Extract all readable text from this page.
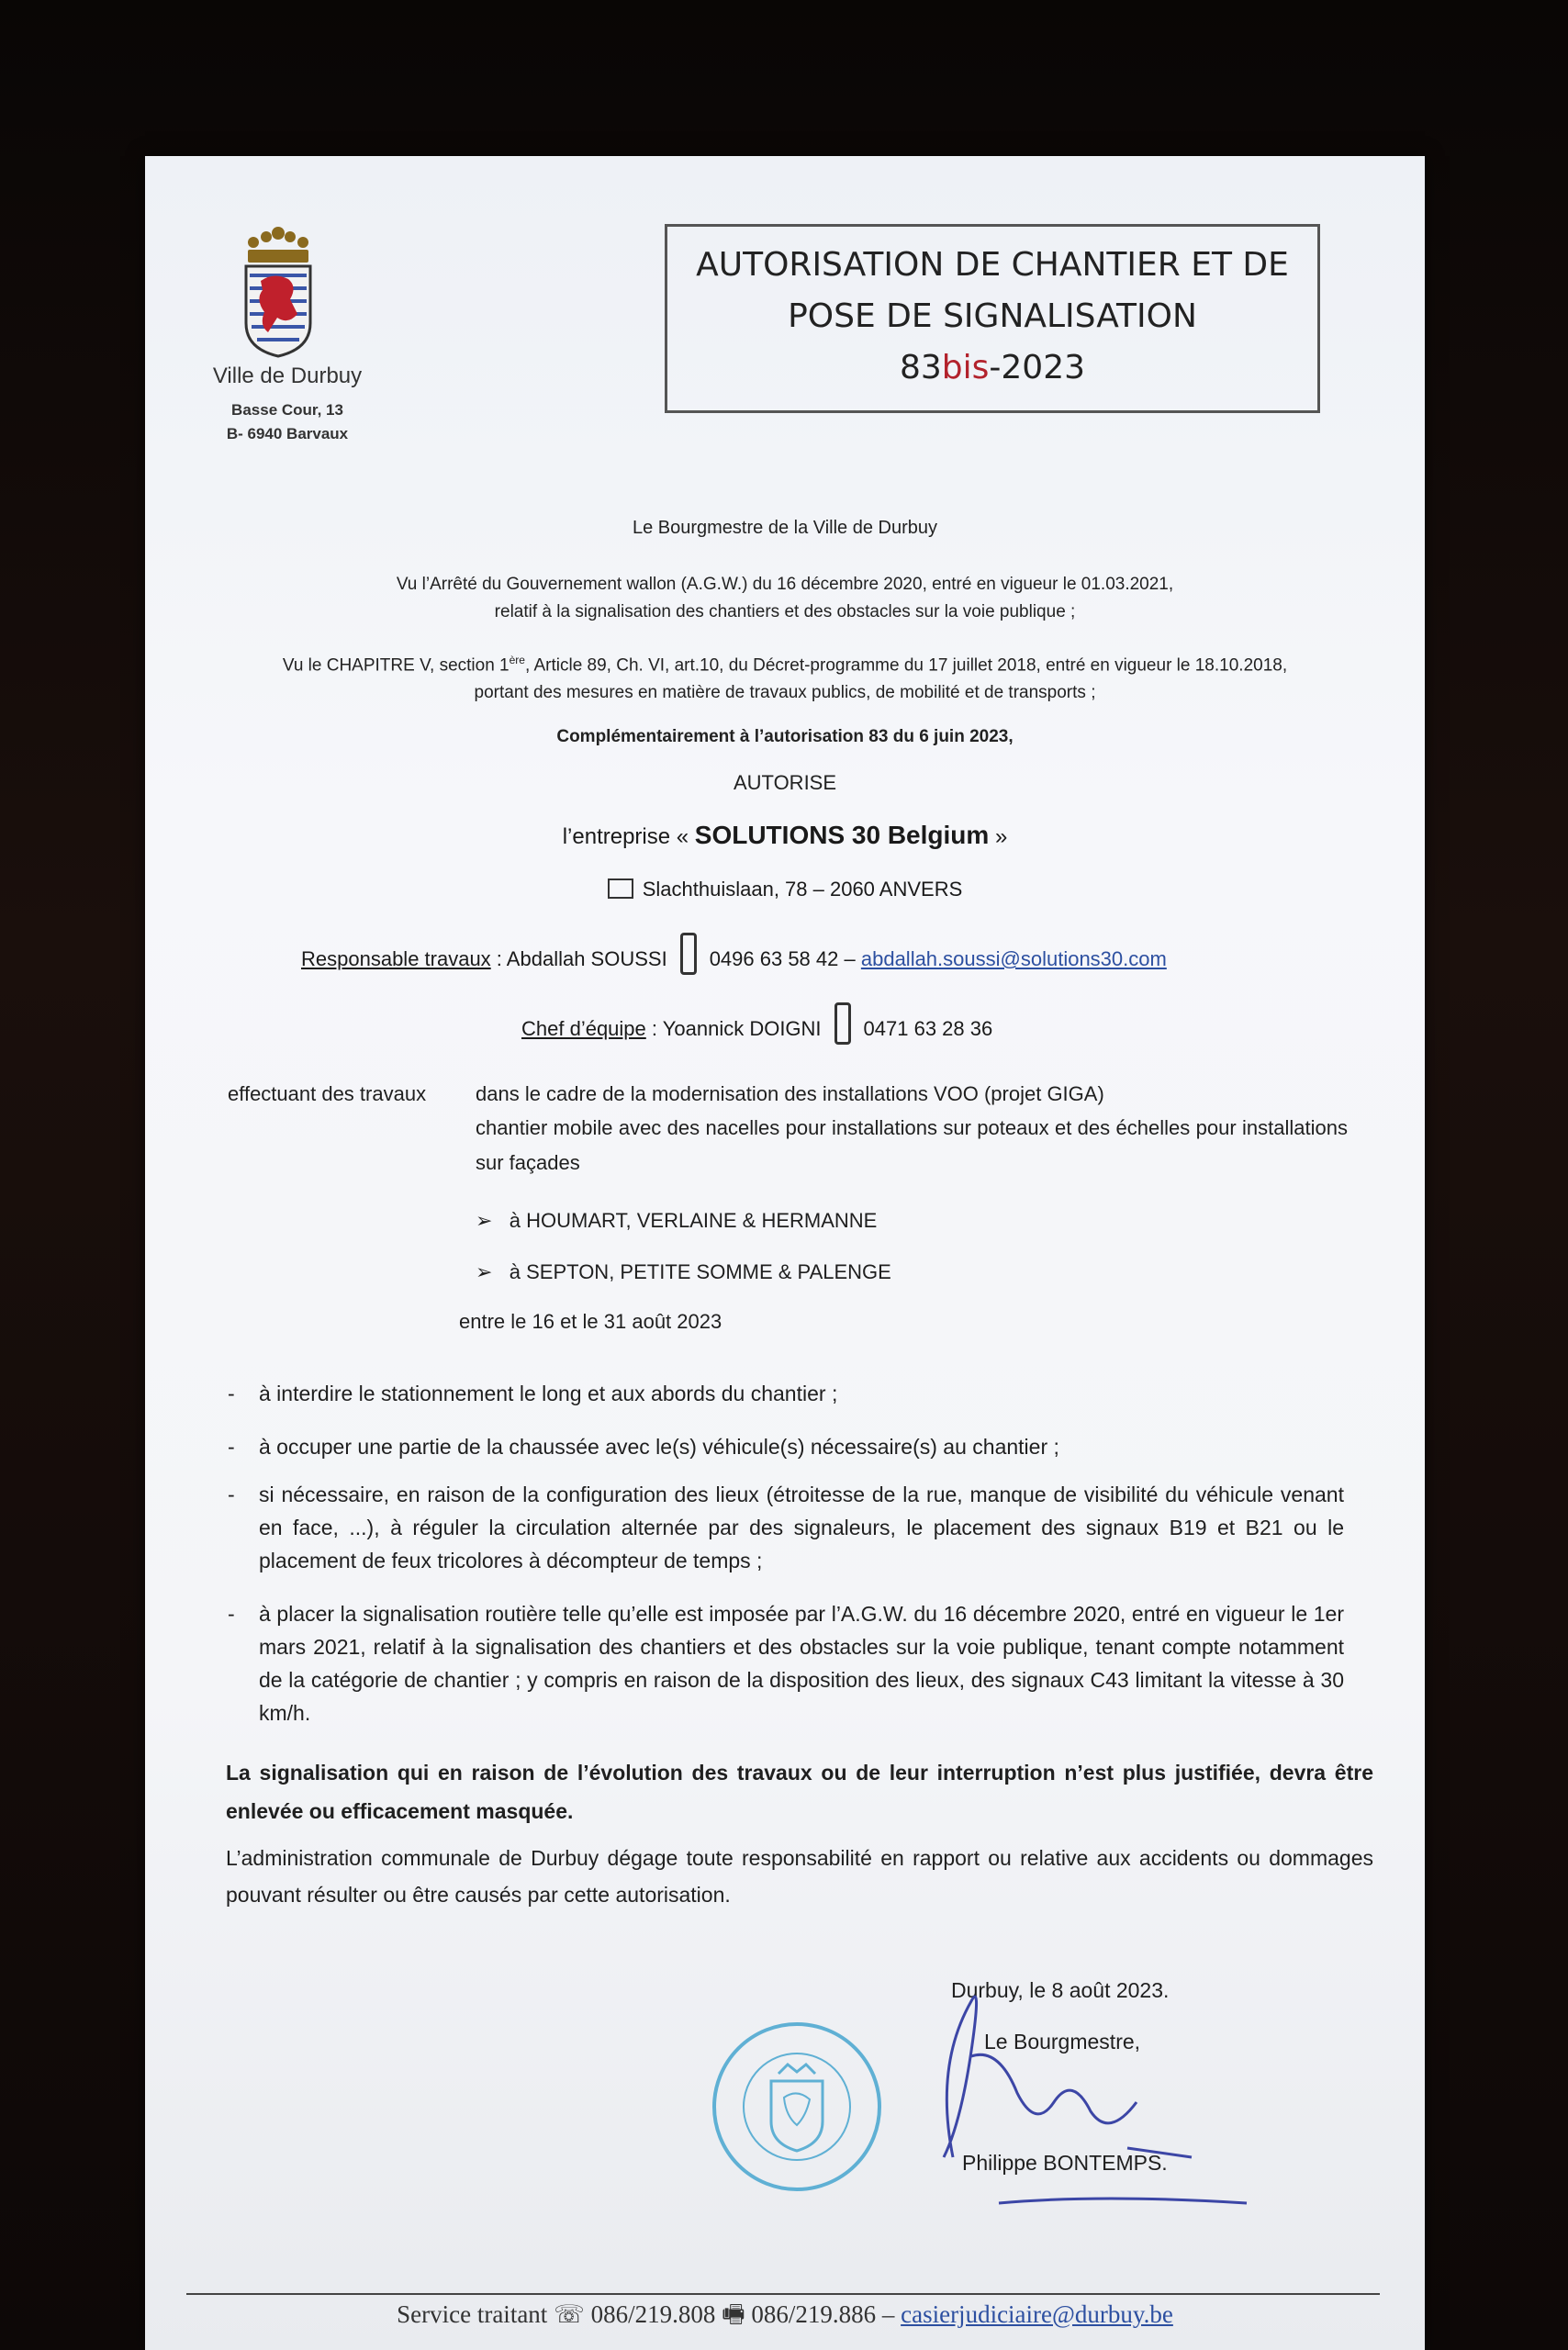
Ville de Durbuy
Basse Cour, 13
B- 6940 Barvaux
AUTORISATION DE CHANTIER ET DE
POSE DE SIGNALISATION
83bis-2023
Le Bourgmestre de la Ville de Durbuy
Vu l’Arrêté du Gouvernement wallon (A.G.W.) du 16 décembre 2020, entré en vigueur le 01.03.2021,
relatif à la signalisation des chantiers et des obstacles sur la voie publique ;
Vu le CHAPITRE V, section 1ère, Article 89, Ch. VI, art.10, du Décret-programme du 17 juillet 2018, entré en vigueur le 18.10.2018,
portant des mesures en matière de travaux publics, de mobilité et de transports ;
Complémentairement à l’autorisation 83 du 6 juin 2023,
AUTORISE
l’entreprise « SOLUTIONS 30 Belgium »
Slachthuislaan, 78 – 2060 ANVERS
Responsable travaux : Abdallah SOUSSI 0496 63 58 42 – abdallah.soussi@solutions30.com
Chef d’équipe : Yoannick DOIGNI 0471 63 28 36
effectuant des travaux dans le cadre de la modernisation des installations VOO (projet GIGA)
chantier mobile avec des nacelles pour installations sur poteaux et des échelles pour installations sur façades
➢ à HOUMART, VERLAINE & HERMANNE
➢ à SEPTON, PETITE SOMME & PALENGE
entre le 16 et le 31 août 2023
- à interdire le stationnement le long et aux abords du chantier ;
- à occuper une partie de la chaussée avec le(s) véhicule(s) nécessaire(s) au chantier ;
- si nécessaire, en raison de la configuration des lieux (étroitesse de la rue, manque de visibilité du véhicule venant en face, ...), à réguler la circulation alternée par des signaleurs, le placement des signaux B19 et B21 ou le placement de feux tricolores à décompteur de temps ;
- à placer la signalisation routière telle qu’elle est imposée par l’A.G.W. du 16 décembre 2020, entré en vigueur le 1er mars 2021, relatif à la signalisation des chantiers et des obstacles sur la voie publique, tenant compte notamment de la catégorie de chantier ; y compris en raison de la disposition des lieux, des signaux C43 limitant la vitesse à 30 km/h.
La signalisation qui en raison de l’évolution des travaux ou de leur interruption n’est plus justifiée, devra être enlevée ou efficacement masquée.
L’administration communale de Durbuy dégage toute responsabilité en rapport ou relative aux accidents ou dommages pouvant résulter ou être causés par cette autorisation.
Durbuy, le 8 août 2023.
Le Bourgmestre,
Philippe BONTEMPS.
Service traitant ☏ 086/219.808 🖷 086/219.886 – casierjudiciaire@durbuy.be
